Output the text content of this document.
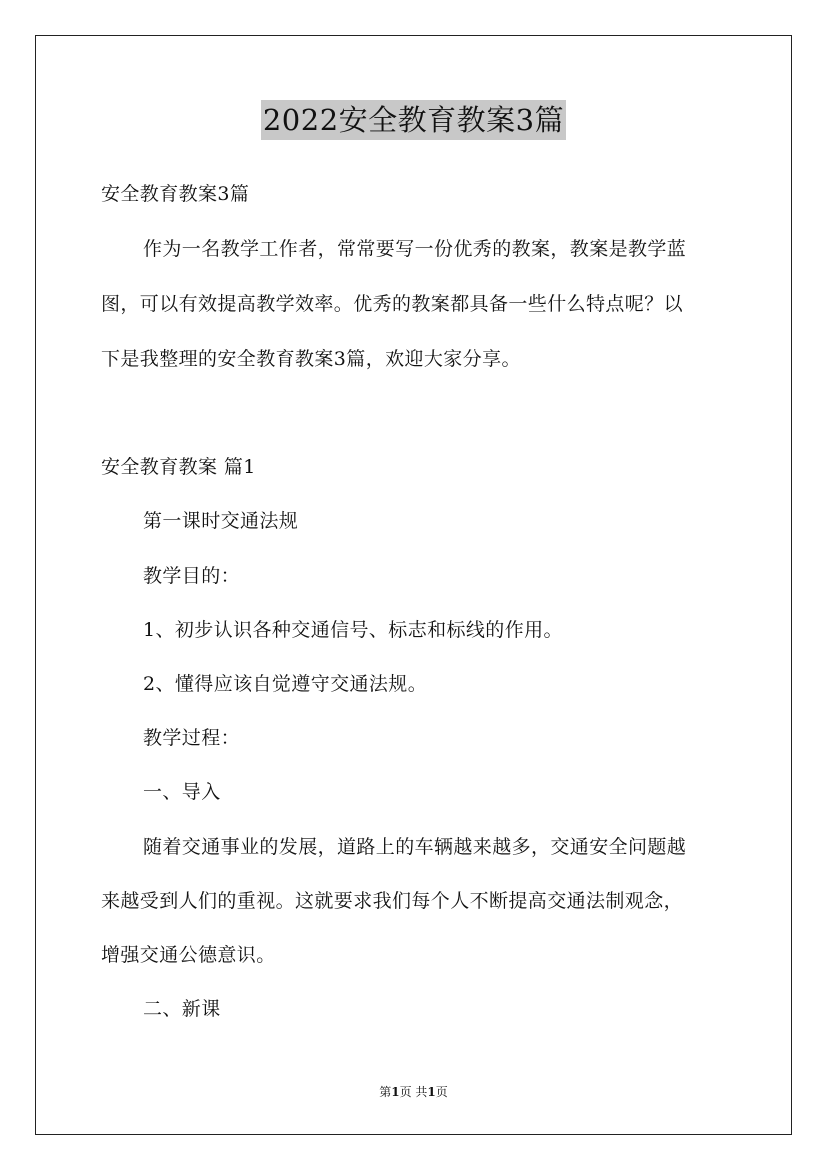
2022安全教育教案3篇
安全教育教案3篇
作为一名教学工作者，常常要写一份优秀的教案，教案是教学蓝
图，可以有效提高教学效率。优秀的教案都具备一些什么特点呢？以
下是我整理的安全教育教案3篇，欢迎大家分享。
安全教育教案 篇1
第一课时交通法规
教学目的：
1、初步认识各种交通信号、标志和标线的作用。
2、懂得应该自觉遵守交通法规。
教学过程：
一、导入
随着交通事业的发展，道路上的车辆越来越多，交通安全问题越
来越受到人们的重视。这就要求我们每个人不断提高交通法制观念，
增强交通公德意识。
二、新课
第1页 共1页
